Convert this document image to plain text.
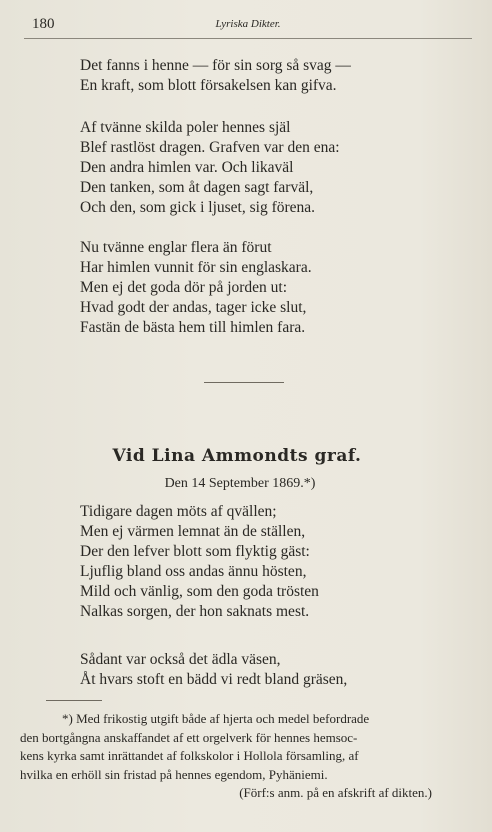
180	Lyriska Dikter.
Det fanns i henne — för sin sorg så svag —
En kraft, som blott försakelsen kan gifva.
Af tvänne skilda poler hennes själ
Blef rastlöst dragen. Grafven var den ena:
Den andra himlen var. Och likaväl
Den tanken, som åt dagen sagt farväl,
Och den, som gick i ljuset, sig förena.
Nu tvänne englar flera än förut
Har himlen vunnit för sin englaskara.
Men ej det goda dör på jorden ut:
Hvad godt der andas, tager icke slut,
Fastän de bästa hem till himlen fara.
Vid Lina Ammondts graf.
Den 14 September 1869.*)
Tidigare dagen möts af qvällen;
Men ej värmen lemnat än de ställen,
Der den lefver blott som flyktig gäst:
Ljuflig bland oss andas ännu hösten,
Mild och vänlig, som den goda trösten
Nalkas sorgen, der hon saknats mest.
Sådant var också det ädla väsen,
Åt hvars stoft en bädd vi redt bland gräsen,
*) Med frikostig utgift både af hjerta och medel befordrade
den bortgångna anskaffandet af ett orgelverk för hennes hemsoc-
kens kyrka samt inrättandet af folkskolor i Hollola församling, af
hvilka en erhöll sin fristad på hennes egendom, Pyhäniemi.
(Förf:s anm. på en afskrift af dikten.)
